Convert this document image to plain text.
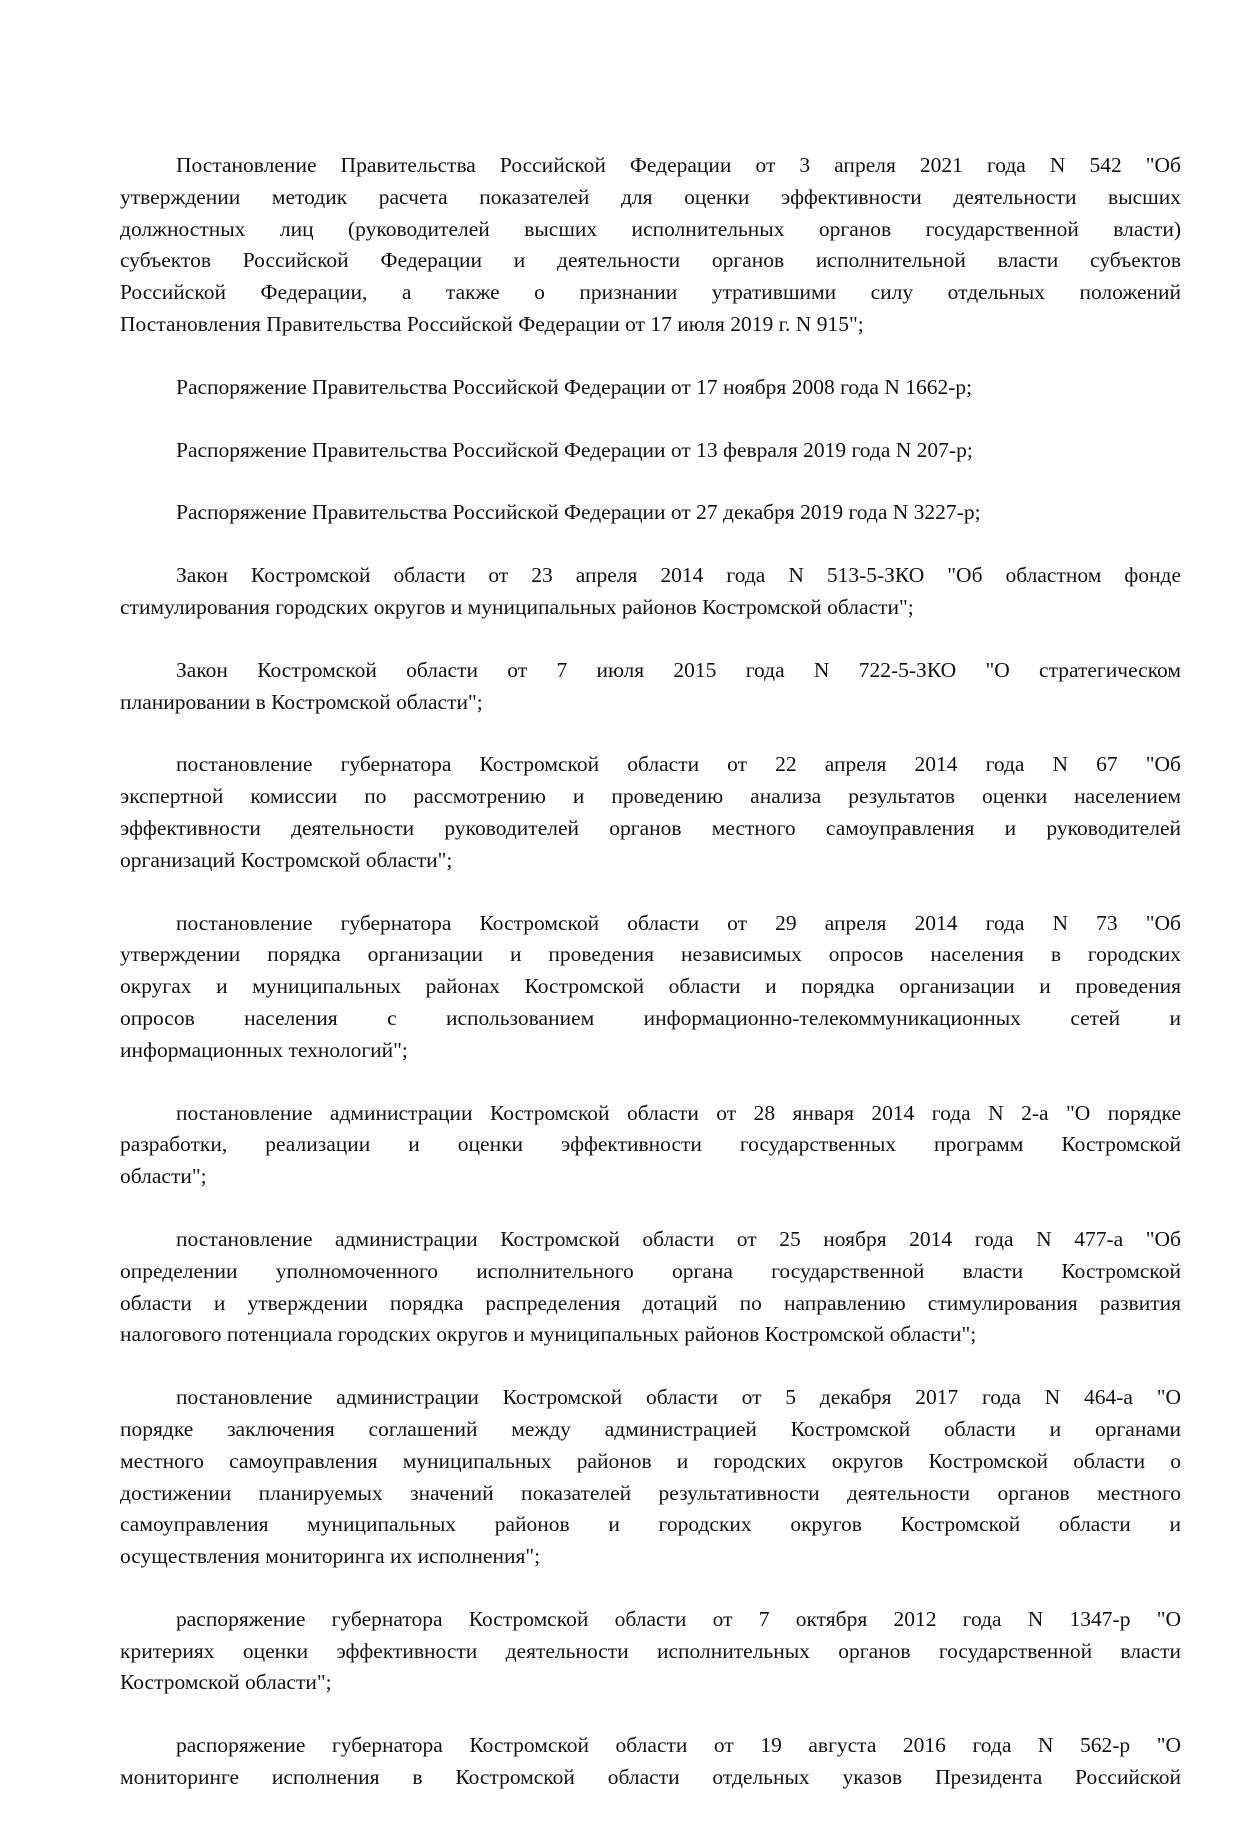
Постановление Правительства Российской Федерации от 3 апреля 2021 года N 542 "Об
утверждении методик расчета показателей для оценки эффективности деятельности высших
должностных лиц (руководителей высших исполнительных органов государственной власти)
субъектов Российской Федерации и деятельности органов исполнительной власти субъектов
Российской Федерации, а также о признании утратившими силу отдельных положений
Постановления Правительства Российской Федерации от 17 июля 2019 г. N 915";
Распоряжение Правительства Российской Федерации от 17 ноября 2008 года N 1662-р;
Распоряжение Правительства Российской Федерации от 13 февраля 2019 года N 207-р;
Распоряжение Правительства Российской Федерации от 27 декабря 2019 года N 3227-р;
Закон Костромской области от 23 апреля 2014 года N 513-5-ЗКО "Об областном фонде
стимулирования городских округов и муниципальных районов Костромской области";
Закон Костромской области от 7 июля 2015 года N 722-5-ЗКО "О стратегическом
планировании в Костромской области";
постановление губернатора Костромской области от 22 апреля 2014 года N 67 "Об
экспертной комиссии по рассмотрению и проведению анализа результатов оценки населением
эффективности деятельности руководителей органов местного самоуправления и руководителей
организаций Костромской области";
постановление губернатора Костромской области от 29 апреля 2014 года N 73 "Об
утверждении порядка организации и проведения независимых опросов населения в городских
округах и муниципальных районах Костромской области и порядка организации и проведения
опросов населения с использованием информационно-телекоммуникационных сетей и
информационных технологий";
постановление администрации Костромской области от 28 января 2014 года N 2-а "О порядке
разработки, реализации и оценки эффективности государственных программ Костромской
области";
постановление администрации Костромской области от 25 ноября 2014 года N 477-а "Об
определении уполномоченного исполнительного органа государственной власти Костромской
области и утверждении порядка распределения дотаций по направлению стимулирования развития
налогового потенциала городских округов и муниципальных районов Костромской области";
постановление администрации Костромской области от 5 декабря 2017 года N 464-а "О
порядке заключения соглашений между администрацией Костромской области и органами
местного самоуправления муниципальных районов и городских округов Костромской области о
достижении планируемых значений показателей результативности деятельности органов местного
самоуправления муниципальных районов и городских округов Костромской области и
осуществления мониторинга их исполнения";
распоряжение губернатора Костромской области от 7 октября 2012 года N 1347-р "О
критериях оценки эффективности деятельности исполнительных органов государственной власти
Костромской области";
распоряжение губернатора Костромской области от 19 августа 2016 года N 562-р "О
мониторинге исполнения в Костромской области отдельных указов Президента Российской
